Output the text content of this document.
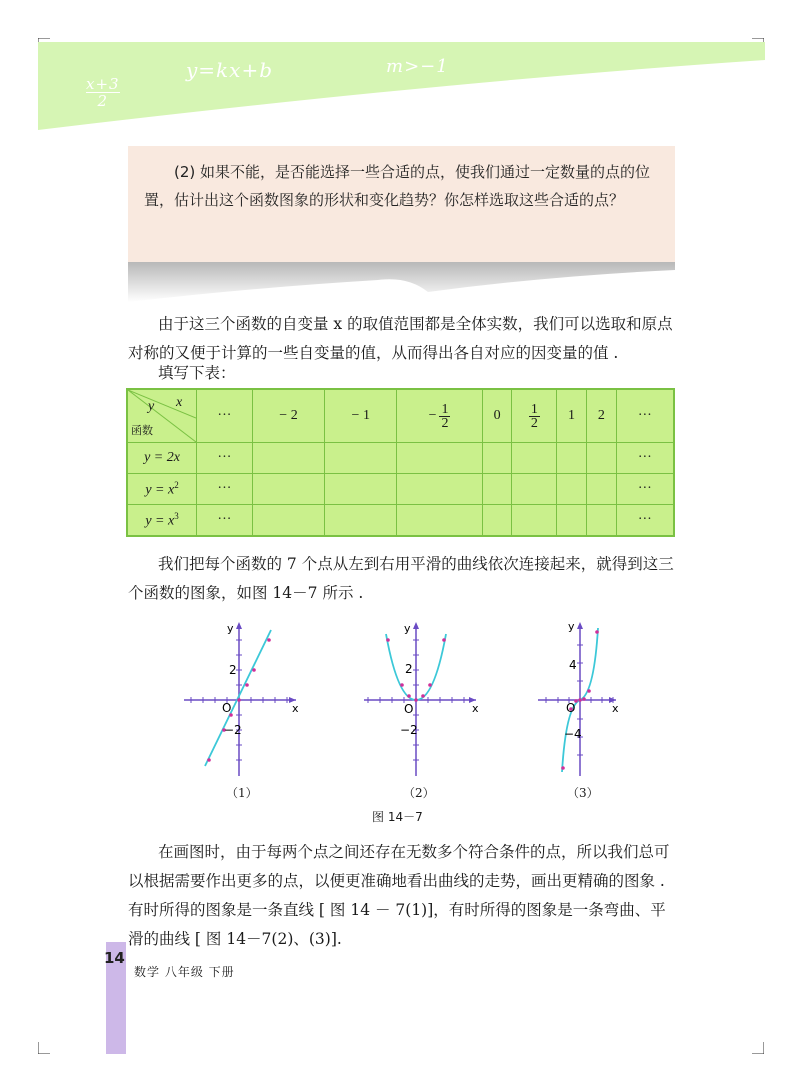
$\frac{x+3}{2}$
y=kx+b	m>−1

(2) 如果不能，是否能选择一些合适的点，使我们通过一定数量的点的位置，估计出这个函数图象的形状和变化趋势？你怎样选取这些合适的点？

由于这三个函数的自变量 x 的取值范围都是全体实数，我们可以选取和原点对称的又便于计算的一些自变量的值，从而得出各自对应的因变量的值 .
填写下表：
x
y
函数	···	− 2	− 1	− $\frac{1}{2}$	0	$\frac{1}{2}$	1	2	···
y = 2x	···								···
$y = x^2$	···								···
$y = x^3$	···								···
我们把每个函数的 7 个点从左到右用平滑的曲线依次连接起来，就得到这三个函数的图象，如图 14－7 所示 .
y
x
O
2
−2
（1）
y
x
O
2
−2
（2）
y
x
O
4
−4
（3）
图 14－7
在画图时，由于每两个点之间还存在无数多个符合条件的点，所以我们总可以根据需要作出更多的点，以便更准确地看出曲线的走势，画出更精确的图象 .有时所得的图象是一条直线 [ 图 14 － 7(1)]，有时所得的图象是一条弯曲、平滑的曲线 [ 图 14－7(2)、(3)].
14
数学 八年级 下册
